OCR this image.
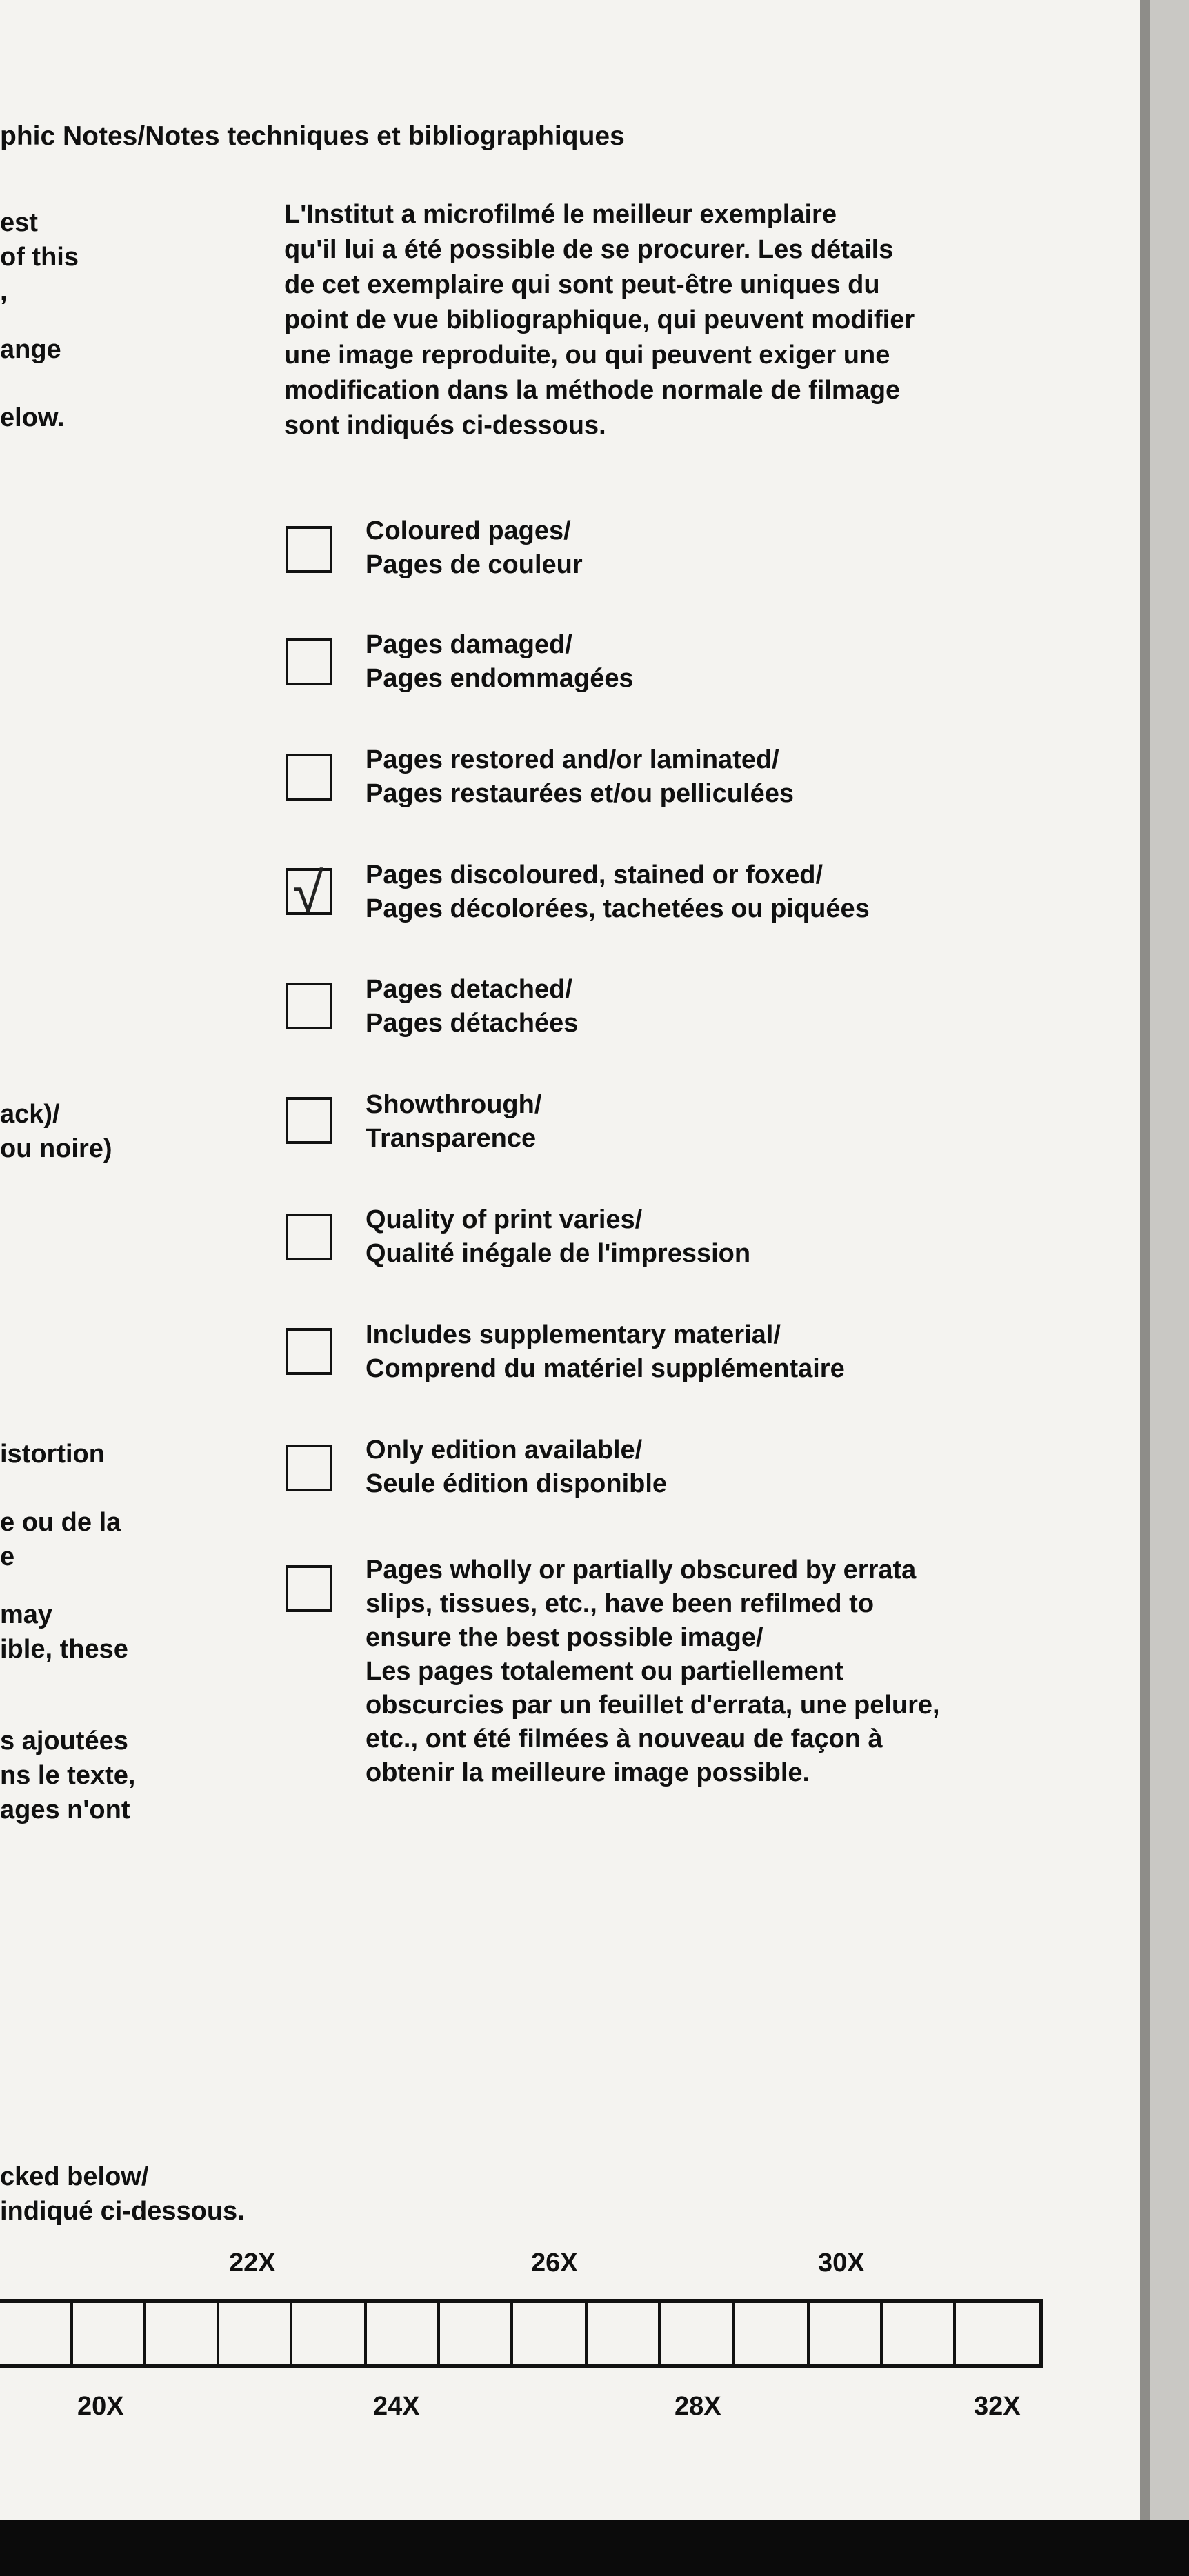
phic Notes/Notes techniques et bibliographiques
est
of this
,
ange
elow.
ack)/
ou noire)
istortion
e ou de la
e
may
ible, these
s ajoutées
ns le texte,
ages n'ont
L'Institut a microfilmé le meilleur exemplaire
qu'il lui a été possible de se procurer. Les détails
de cet exemplaire qui sont peut-être uniques du
point de vue bibliographique, qui peuvent modifier
une image reproduite, ou qui peuvent exiger une
modification dans la méthode normale de filmage
sont indiqués ci-dessous.
Coloured pages/
Pages de couleur
Pages damaged/
Pages endommagées
Pages restored and/or laminated/
Pages restaurées et/ou pelliculées
√ Pages discoloured, stained or foxed/
Pages décolorées, tachetées ou piquées
Pages detached/
Pages détachées
Showthrough/
Transparence
Quality of print varies/
Qualité inégale de l'impression
Includes supplementary material/
Comprend du matériel supplémentaire
Only edition available/
Seule édition disponible
Pages wholly or partially obscured by errata
slips, tissues, etc., have been refilmed to
ensure the best possible image/
Les pages totalement ou partiellement
obscurcies par un feuillet d'errata, une pelure,
etc., ont été filmées à nouveau de façon à
obtenir la meilleure image possible.
cked below/
indiqué ci-dessous.
22X	26X	30X
20X	24X	28X	32X
